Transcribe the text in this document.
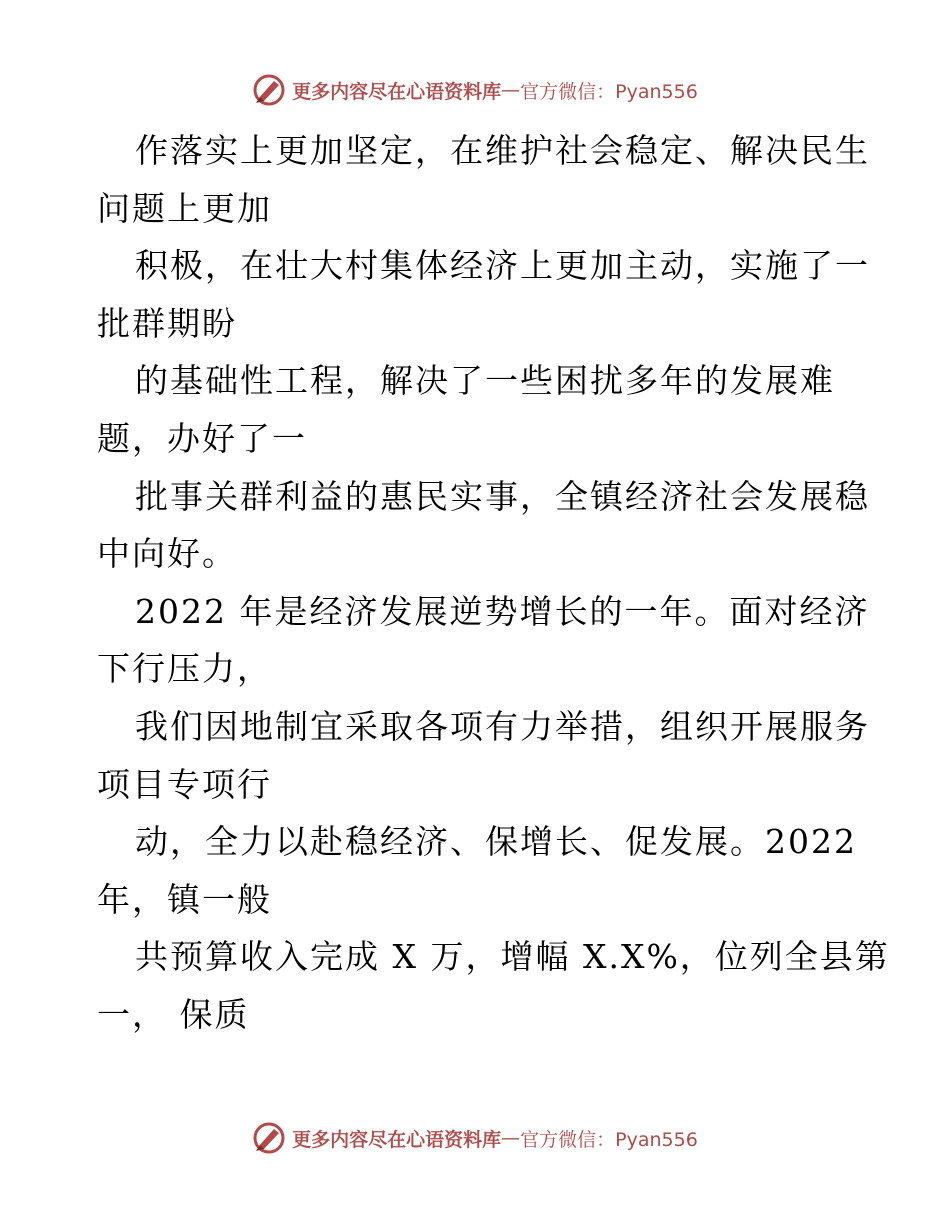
更多内容尽在心语资料库 — 官方微信：Pyan556
作落实上更加坚定，在维护社会稳定、解决民生
问题上更加
积极，在壮大村集体经济上更加主动，实施了一
批群期盼
的基础性工程，解决了一些困扰多年的发展难
题，办好了一
批事关群利益的惠民实事，全镇经济社会发展稳
中向好。
2022 年是经济发展逆势增长的一年。面对经济
下行压力，
我们因地制宜采取各项有力举措，组织开展服务
项目专项行
动，全力以赴稳经济、保增长、促发展。2022
年，镇一般
共预算收入完成 X 万，增幅 X.X%，位列全县第
一， 保质
更多内容尽在心语资料库 — 官方微信：Pyan556
